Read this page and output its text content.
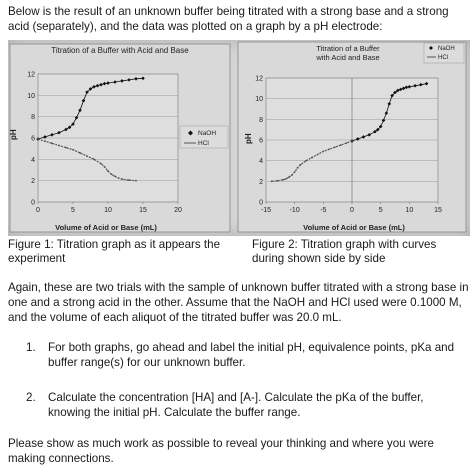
Below is the result of an unknown buffer being titrated with a strong base and a strong acid (separately), and the data was plotted on a graph by a pH electrode:
Titration of a Buffer with Acid and Base
pH
Volume of Acid or Base (mL)
0
2
4
6
8
10
12
0	5	10	15	20
NaOH
HCl
Titration of a Buffer
with Acid and Base
pH
Volume of Acid or Base (mL)
0
2
4
6
8
10
12
-15	-10	-5	0	5	10	15
NaOH
HCl
Figure 1: Titration graph as it appears the experiment
Figure 2: Titration graph with curves during shown side by side
Again, these are two trials with the sample of unknown buffer titrated with a strong base in one and a strong acid in the other. Assume that the NaOH and HCl used were 0.1000 M, and the volume of each aliquot of the titrated buffer was 20.0 mL.
1. For both graphs, go ahead and label the initial pH, equivalence points, pKa and buffer range(s) for our unknown buffer.
2. Calculate the concentration [HA] and [A-]. Calculate the pKa of the buffer, knowing the initial pH. Calculate the buffer range.
Please show as much work as possible to reveal your thinking and where you were making connections.
